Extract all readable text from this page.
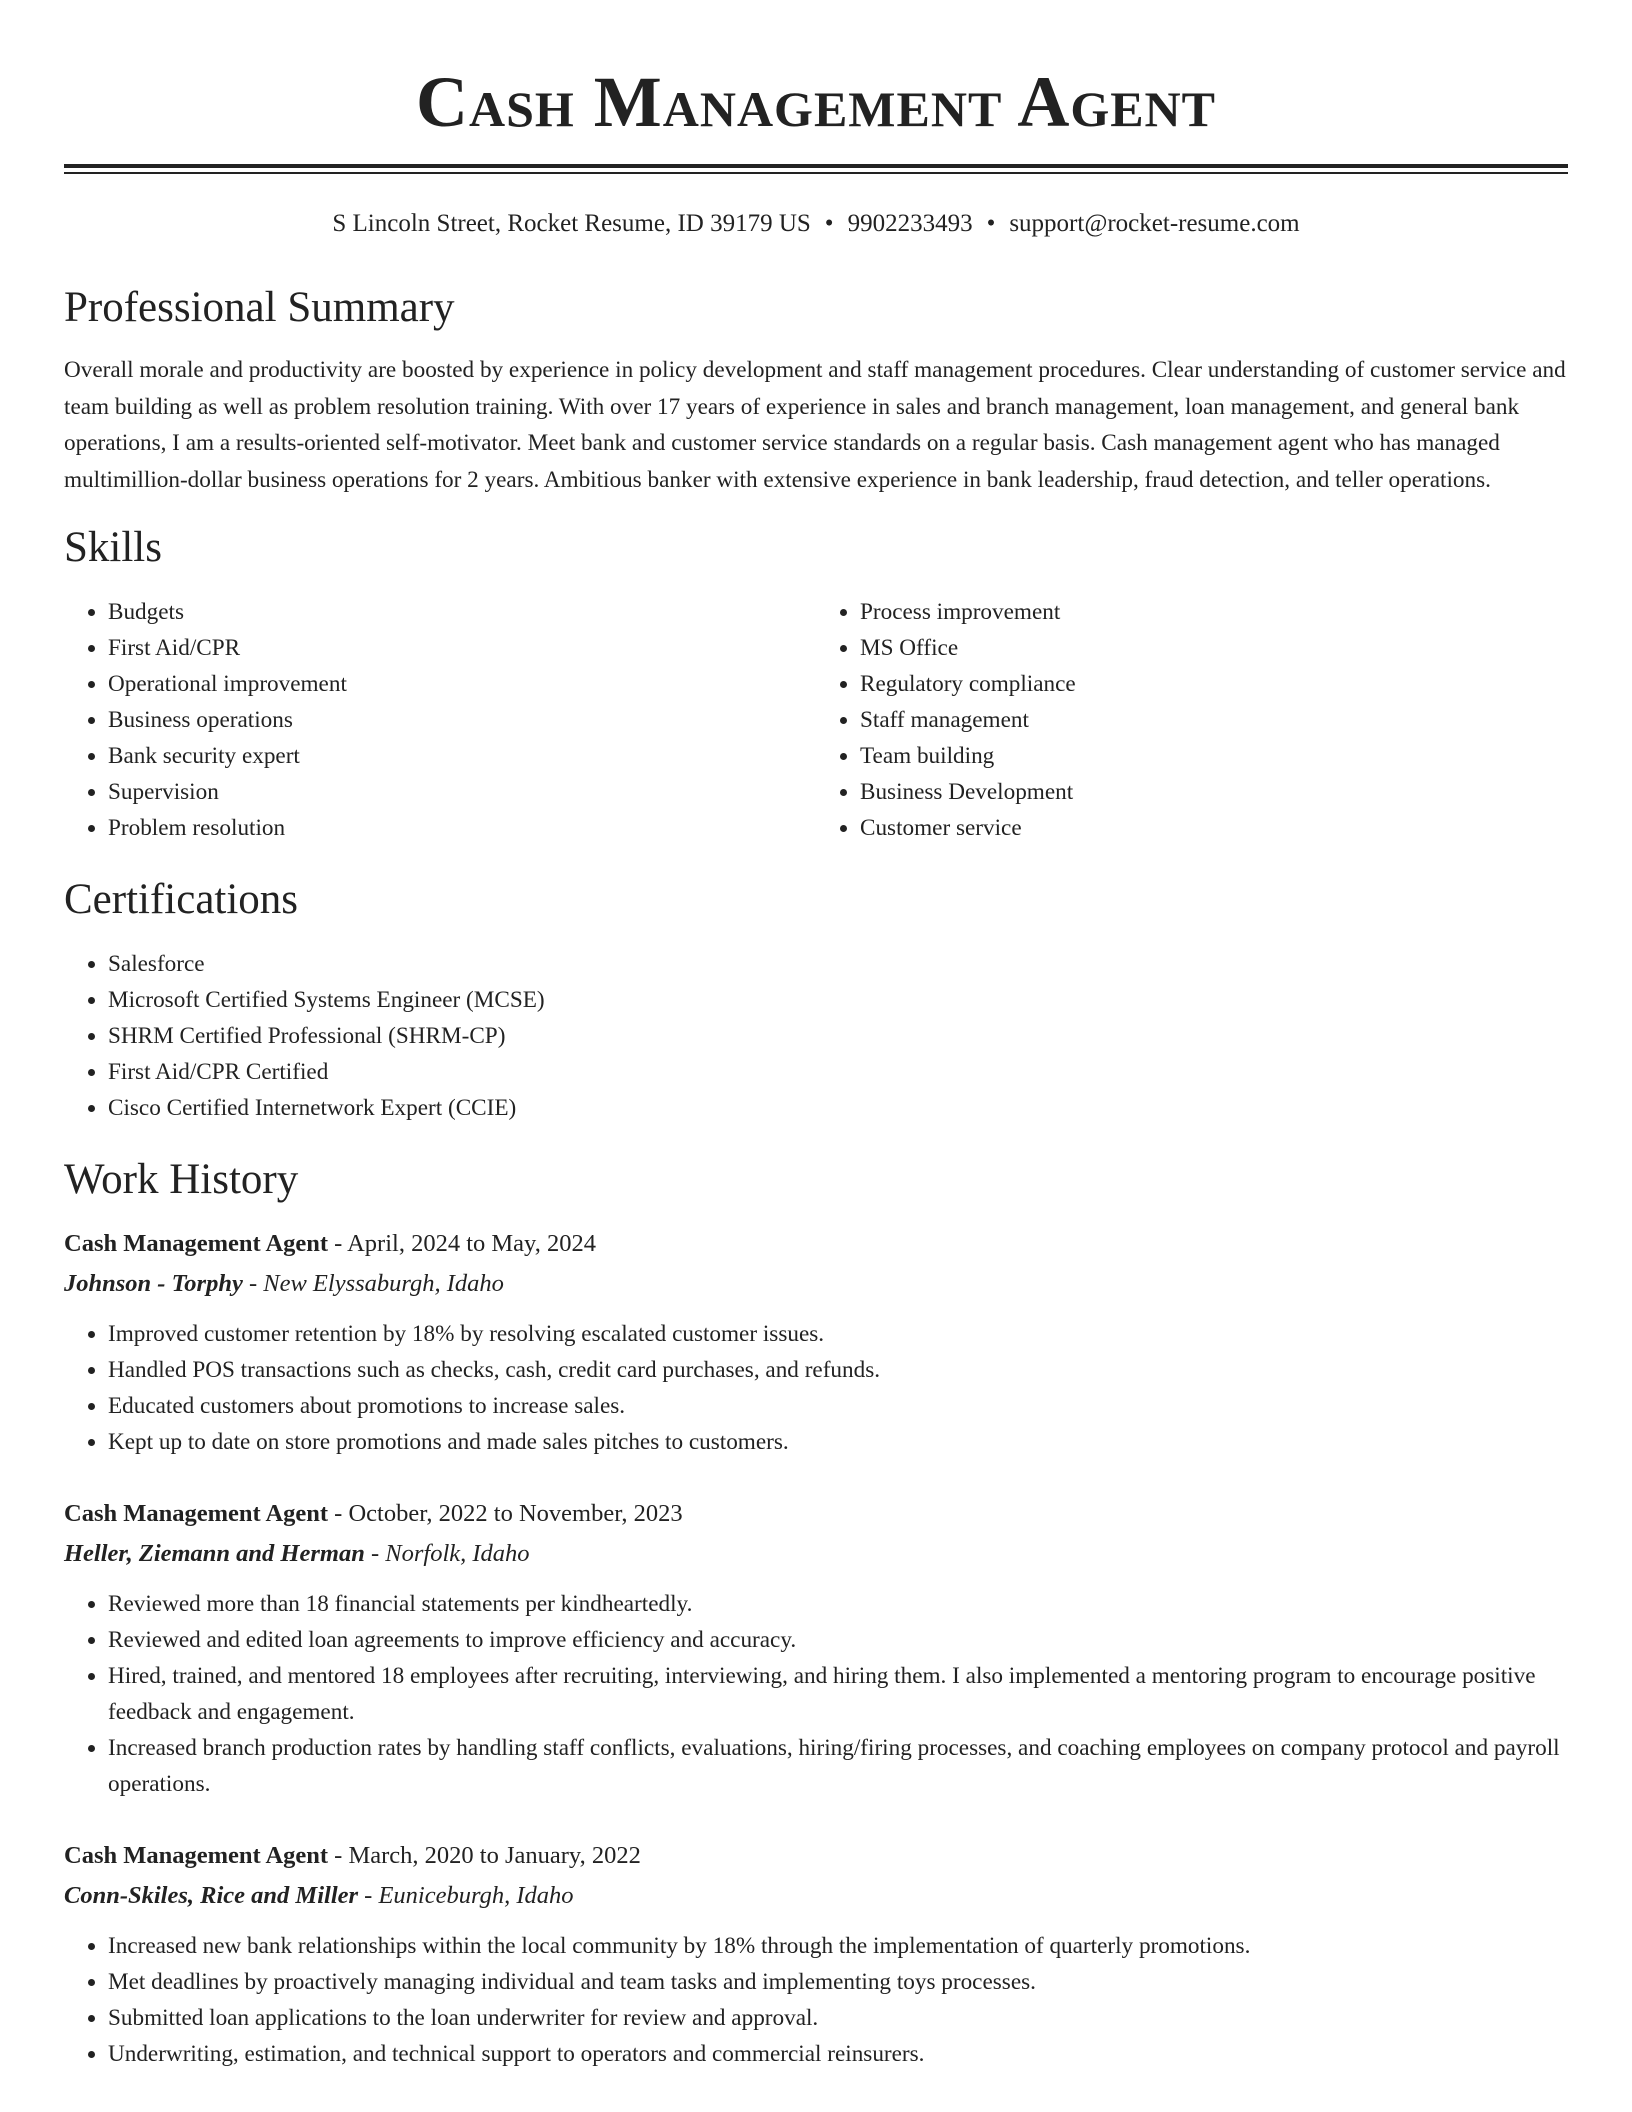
Cash Management Agent
S Lincoln Street, Rocket Resume, ID 39179 US • 9902233493 • support@rocket-resume.com
Professional Summary

Overall morale and productivity are boosted by experience in policy development and staff management procedures. Clear understanding of customer service and team building as well as problem resolution training. With over 17 years of experience in sales and branch management, loan management, and general bank operations, I am a results-oriented self-motivator. Meet bank and customer service standards on a regular basis. Cash management agent who has managed multimillion-dollar business operations for 2 years. Ambitious banker with extensive experience in bank leadership, fraud detection, and teller operations.

Skills
• Budgets
• First Aid/CPR
• Operational improvement
• Business operations
• Bank security expert
• Supervision
• Problem resolution
• Process improvement
• MS Office
• Regulatory compliance
• Staff management
• Team building
• Business Development
• Customer service
Certifications
• Salesforce
• Microsoft Certified Systems Engineer (MCSE)
• SHRM Certified Professional (SHRM-CP)
• First Aid/CPR Certified
• Cisco Certified Internetwork Expert (CCIE)
Work History
Cash Management Agent - April, 2024 to May, 2024
Johnson - Torphy - New Elyssaburgh, Idaho
• Improved customer retention by 18% by resolving escalated customer issues.
• Handled POS transactions such as checks, cash, credit card purchases, and refunds.
• Educated customers about promotions to increase sales.
• Kept up to date on store promotions and made sales pitches to customers.
Cash Management Agent - October, 2022 to November, 2023
Heller, Ziemann and Herman - Norfolk, Idaho
• Reviewed more than 18 financial statements per kindheartedly.
• Reviewed and edited loan agreements to improve efficiency and accuracy.
• Hired, trained, and mentored 18 employees after recruiting, interviewing, and hiring them. I also implemented a mentoring program to encourage positive feedback and engagement.
• Increased branch production rates by handling staff conflicts, evaluations, hiring/firing processes, and coaching employees on company protocol and payroll operations.
Cash Management Agent - March, 2020 to January, 2022
Conn-Skiles, Rice and Miller - Euniceburgh, Idaho
• Increased new bank relationships within the local community by 18% through the implementation of quarterly promotions.
• Met deadlines by proactively managing individual and team tasks and implementing toys processes.
• Submitted loan applications to the loan underwriter for review and approval.
• Underwriting, estimation, and technical support to operators and commercial reinsurers.
